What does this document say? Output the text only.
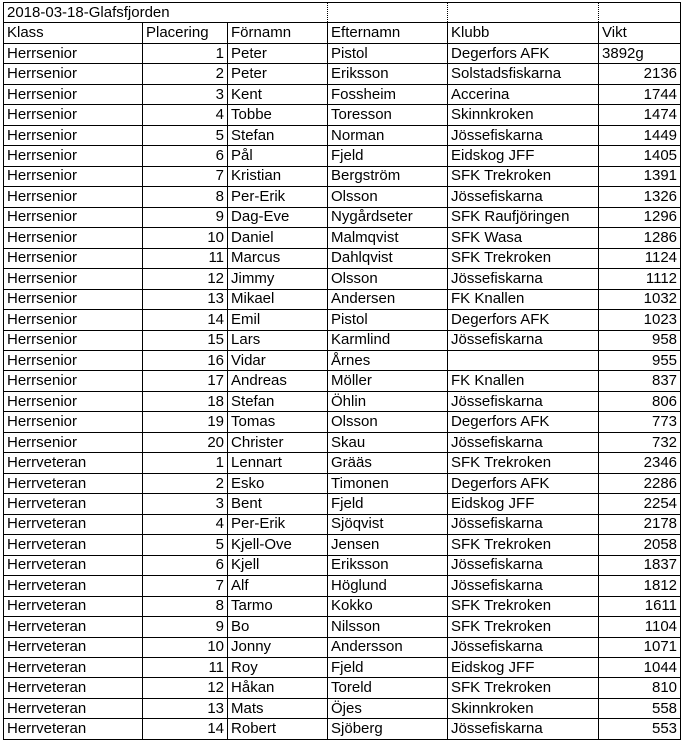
2018-03-18-Glafsfjorden					
Klass	Placering	Förnamn	Efternamn	Klubb	Vikt
Herrsenior	1	Peter	Pistol	Degerfors AFK	3892g
Herrsenior	2	Peter	Eriksson	Solstadsfiskarna	2136
Herrsenior	3	Kent	Fossheim	Accerina	1744
Herrsenior	4	Tobbe	Toresson	Skinnkroken	1474
Herrsenior	5	Stefan	Norman	Jössefiskarna	1449
Herrsenior	6	Pål	Fjeld	Eidskog JFF	1405
Herrsenior	7	Kristian	Bergström	SFK Trekroken	1391
Herrsenior	8	Per-Erik	Olsson	Jössefiskarna	1326
Herrsenior	9	Dag-Eve	Nygårdseter	SFK Raufjöringen	1296
Herrsenior	10	Daniel	Malmqvist	SFK Wasa	1286
Herrsenior	11	Marcus	Dahlqvist	SFK Trekroken	1124
Herrsenior	12	Jimmy	Olsson	Jössefiskarna	1112
Herrsenior	13	Mikael	Andersen	FK Knallen	1032
Herrsenior	14	Emil	Pistol	Degerfors AFK	1023
Herrsenior	15	Lars	Karmlind	Jössefiskarna	958
Herrsenior	16	Vidar	Årnes		955
Herrsenior	17	Andreas	Möller	FK Knallen	837
Herrsenior	18	Stefan	Öhlin	Jössefiskarna	806
Herrsenior	19	Tomas	Olsson	Degerfors AFK	773
Herrsenior	20	Christer	Skau	Jössefiskarna	732
Herrveteran	1	Lennart	Grääs	SFK Trekroken	2346
Herrveteran	2	Esko	Timonen	Degerfors AFK	2286
Herrveteran	3	Bent	Fjeld	Eidskog JFF	2254
Herrveteran	4	Per-Erik	Sjöqvist	Jössefiskarna	2178
Herrveteran	5	Kjell-Ove	Jensen	SFK Trekroken	2058
Herrveteran	6	Kjell	Eriksson	Jössefiskarna	1837
Herrveteran	7	Alf	Höglund	Jössefiskarna	1812
Herrveteran	8	Tarmo	Kokko	SFK Trekroken	1611
Herrveteran	9	Bo	Nilsson	SFK Trekroken	1104
Herrveteran	10	Jonny	Andersson	Jössefiskarna	1071
Herrveteran	11	Roy	Fjeld	Eidskog JFF	1044
Herrveteran	12	Håkan	Toreld	SFK Trekroken	810
Herrveteran	13	Mats	Öjes	Skinnkroken	558
Herrveteran	14	Robert	Sjöberg	Jössefiskarna	553
